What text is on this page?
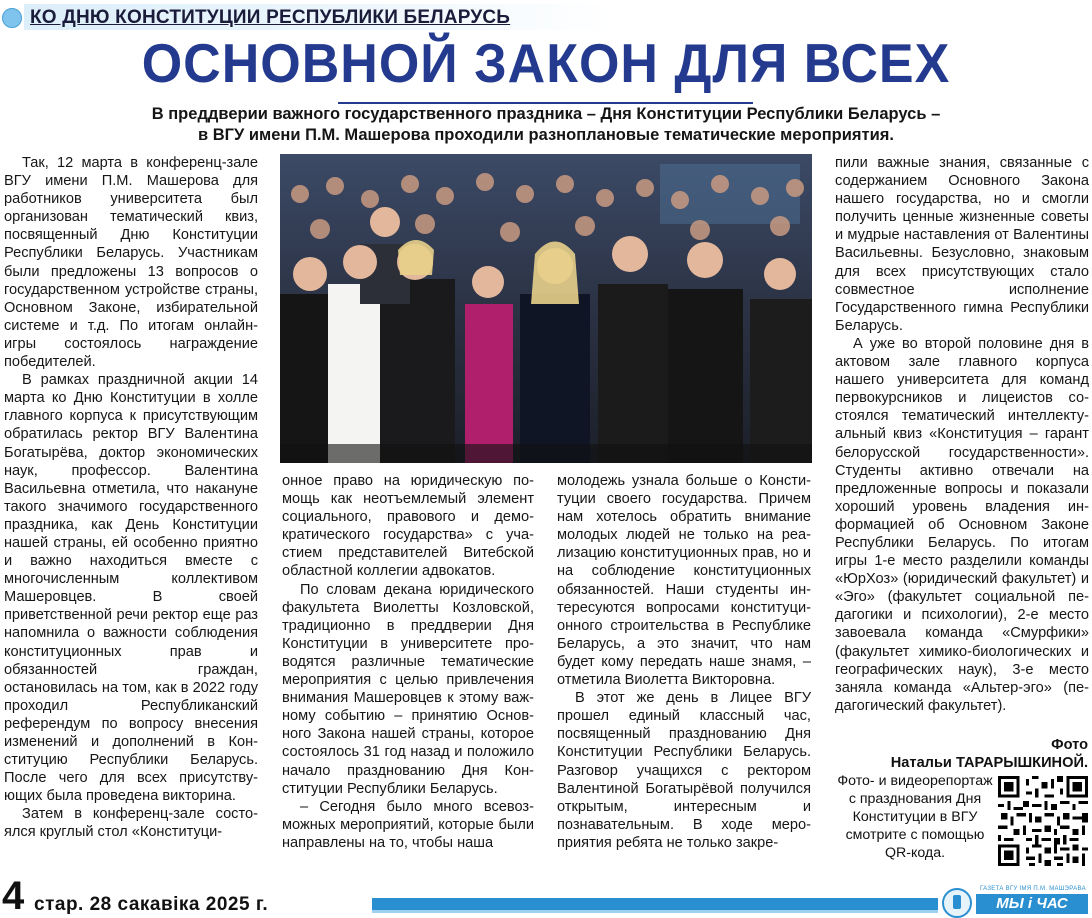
КО ДНЮ КОНСТИТУЦИИ РЕСПУБЛИКИ БЕЛАРУСЬ
ОСНОВНОЙ ЗАКОН ДЛЯ ВСЕХ
В преддверии важного государственного праздника – Дня Конституции Республики Беларусь –
в ВГУ имени П.М. Машерова проходили разноплановые тематические мероприятия.

Так, 12 марта в конференц-зале ВГУ имени П.М. Машерова для работников университета был организован тематический квиз, посвященный Дню Конституции Республики Беларусь. Участникам были предложены 13 вопросов о государственном устройстве страны, Основном Законе, избирательной системе и т.д. По итогам онлайн-игры состоялось награждение победителей.

В рамках праздничной акции 14 марта ко Дню Конституции в холле главного корпуса к присутствующим обратилась ректор ВГУ Валентина Богатырёва, доктор экономических наук, профессор. Валентина Васильевна отметила, что накануне такого значимого государственного праздника, как День Конституции нашей страны, ей особенно приятно и важно находиться вместе с многочисленным коллективом Машеровцев. В своей приветственной речи ректор еще раз напомнила о важности соблюдения конституционных прав и обязанностей граждан, остановилась на том, как в 2022 году проходил Республиканский референдум по вопросу внесения изменений и дополнений в Конституцию Республики Беларусь. После чего для всех присутствующих была проведена викторина.

Затем в конференц-зале состоялся круглый стол «Конституци-

онное право на юридическую помощь как неотъемлемый элемент социального, правового и демократического государства» с участием представителей Витебской областной коллегии адвокатов.

По словам декана юридического факультета Виолетты Козловской, традиционно в преддверии Дня Конституции в университете проводятся различные тематические мероприятия с целью привлечения внимания Машеровцев к этому важному событию – принятию Основного Закона нашей страны, которое состоялось 31 год назад и положило начало празднованию Дня Конституции Республики Беларусь.

– Сегодня было много всевозможных мероприятий, которые были направлены на то, чтобы наша

молодежь узнала больше о Конституции своего государства. Причем нам хотелось обратить внимание молодых людей не только на реализацию конституционных прав, но и на соблюдение конституционных обязанностей. Наши студенты интересуются вопросами конституционного строительства в Республике Беларусь, а это значит, что нам будет кому передать наше знамя, – отметила Виолетта Викторовна.

В этот же день в Лицее ВГУ прошел единый классный час, посвященный празднованию Дня Конституции Республики Беларусь. Разговор учащихся с ректором Валентиной Богатырёвой получился открытым, интересным и познавательным. В ходе мероприятия ребята не только закре-

пили важные знания, связанные с содержанием Основного Закона нашего государства, но и смогли получить ценные жизненные советы и мудрые наставления от Валентины Васильевны. Безусловно, знаковым для всех присутствующих стало совместное исполнение Государственного гимна Республики Беларусь.

А уже во второй половине дня в актовом зале главного корпуса нашего университета для команд первокурсников и лицеистов состоялся тематический интеллектуальный квиз «Конституция – гарант белорусской государственности». Студенты активно отвечали на предложенные вопросы и показали хороший уровень владения информацией об Основном Законе Республики Беларусь. По итогам игры 1-е место разделили команды «ЮрХоз» (юридический факультет) и «Эго» (факультет социальной педагогики и психологии), 2-е место завоевала команда «Смурфики» (факультет химико-биологических и географических наук), 3-е место заняла команда «Альтер-эго» (педагогический факультет).

Фото
Натальи ТАРАРЫШКИНОЙ.
Фото- и видеорепортаж с празднования Дня Конституции в ВГУ смотрите с помощью QR-кода.
4 стар. 28 сакавіка 2025 г.
ГАЗЕТА ВГУ ІМЯ П.М. МАШЭРАВА
МЫ і ЧАС
